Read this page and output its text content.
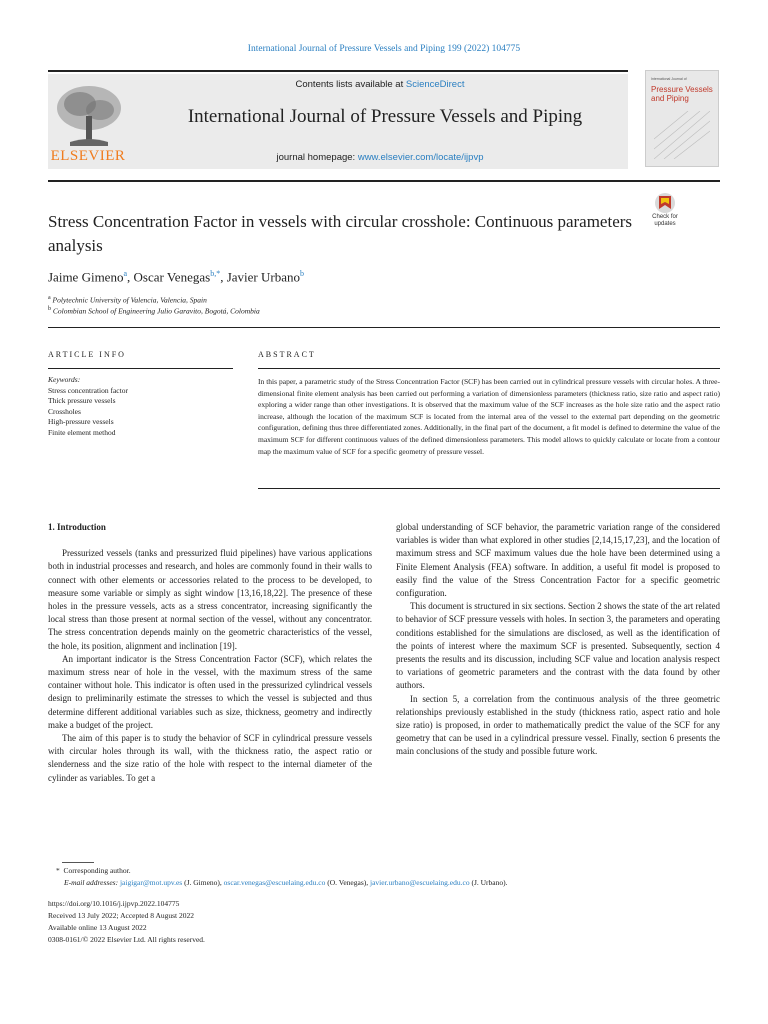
International Journal of Pressure Vessels and Piping 199 (2022) 104775
ELSEVIER
Contents lists available at ScienceDirect
International Journal of Pressure Vessels and Piping
journal homepage: www.elsevier.com/locate/ijpvp
International Journal of
Pressure Vessels and Piping
Stress Concentration Factor in vessels with circular crosshole: Continuous parameters analysis
Check for updates
Jaime Gimeno$^a$, Oscar Venegas$^{b,*}$, Javier Urbano$^b$
$^a$ Polytechnic University of Valencia, Valencia, Spain
$^b$ Colombian School of Engineering Julio Garavito, Bogotá, Colombia
ARTICLE INFO	ABSTRACT
Keywords:
Stress concentration factor
Thick pressure vessels
Crossholes
High-pressure vessels
Finite element method
In this paper, a parametric study of the Stress Concentration Factor (SCF) has been carried out in cylindrical pressure vessels with circular holes. A three-dimensional finite element analysis has been carried out performing a variation of dimensionless parameters (thickness ratio, size ratio and aspect ratio) exploring a wider range than other investigations. It is observed that the maximum value of the SCF increases as the hole size ratio and the aspect ratio increase, although the location of the maximum SCF is located from the internal area of the vessel to the external part depending on the geometric configuration, defining thus three differentiated zones. Additionally, in the final part of the document, a fit model is defined to determine the value of the maximum SCF for different continuous values of the defined dimensionless parameters. This model allows to quickly calculate or locate from a contour map the maximum value of SCF for a specific geometry of pressure vessel.
1. Introduction

Pressurized vessels (tanks and pressurized fluid pipelines) have various applications both in industrial processes and research, and holes are commonly found in their walls to connect with other elements or accessories related to the process to be developed, to measure some variable or simply as sight window [13,16,18,22]. The presence of these holes in the pressure vessels, acts as a stress concentrator, increasing significantly the local stress than those present at normal section of the vessel, without any concentrator. The stress concentration depends mainly on the geometric characteristics of the vessel, the hole, its position, alignment and inclination [19].

An important indicator is the Stress Concentration Factor (SCF), which relates the maximum stress near of hole in the vessel, with the maximum stress of the same container without hole. This indicator is often used in the pressurized cylindrical vessels design to preliminarily estimate the stresses to which the vessel is subjected and thus determine different additional variables such as size, thickness, geometry and indirectly make a budget of the project.

The aim of this paper is to study the behavior of SCF in cylindrical pressure vessels with circular holes through its wall, with the thickness ratio, the aspect ratio or slenderness and the size ratio of the hole with respect to the internal diameter of the cylinder as variables. To get a

global understanding of SCF behavior, the parametric variation range of the considered variables is wider than what explored in other studies [2,14,15,17,23], and the location of maximum stress and SCF maximum values due the hole have been determined using a Finite Element Analysis (FEA) software. In addition, a useful fit model is proposed to easily find the value of the Stress Concentration Factor for a specific geometric configuration.

This document is structured in six sections. Section 2 shows the state of the art related to behavior of SCF pressure vessels with holes. In section 3, the parameters and operating conditions established for the simulations are disclosed, as well as the identification of the points of interest where the maximum SCF is presented. Subsequently, section 4 presents the results and its discussion, including SCF value and location analysis respect to variations of geometric parameters and the contrast with the data found by other authors.

In section 5, a correlation from the continuous analysis of the three geometric relationships previously established in the study (thickness ratio, aspect ratio and hole size ratio) is proposed, in order to mathematically predict the value of the SCF for any geometry that can be used in a cylindrical pressure vessel. Finally, section 6 presents the main conclusions of the study and possible future work.

* Corresponding author.
E-mail addresses: jaigigar@mot.upv.es (J. Gimeno), oscar.venegas@escuelaing.edu.co (O. Venegas), javier.urbano@escuelaing.edu.co (J. Urbano).
https://doi.org/10.1016/j.ijpvp.2022.104775
Received 13 July 2022; Accepted 8 August 2022
Available online 13 August 2022
0308-0161/© 2022 Elsevier Ltd. All rights reserved.
